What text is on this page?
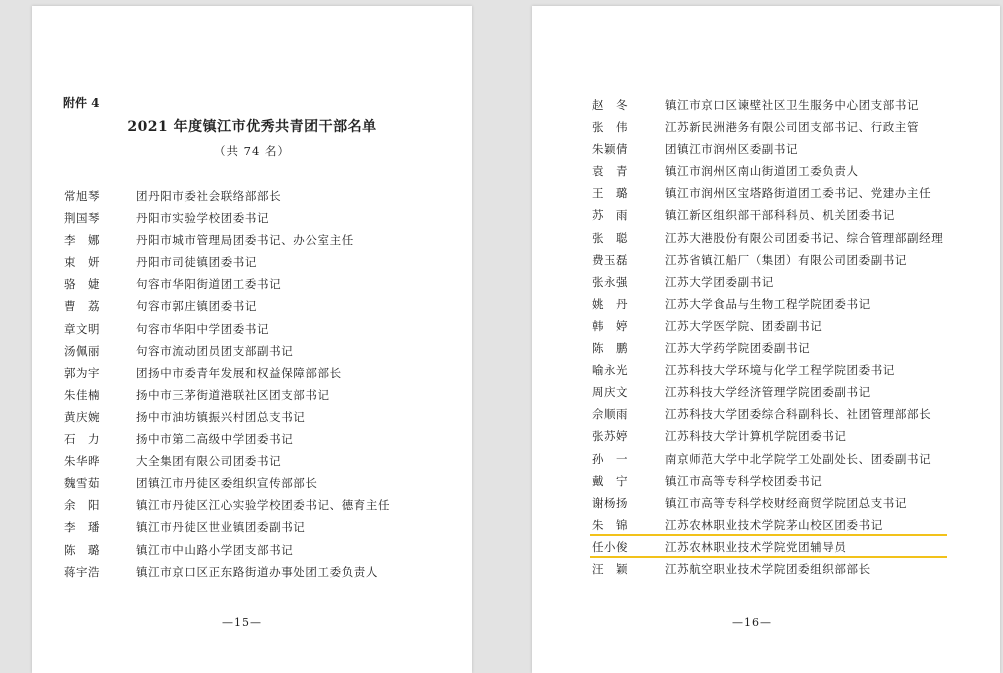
附件 4
2021 年度镇江市优秀共青团干部名单
（共 74 名）
常旭琴	团丹阳市委社会联络部部长
荆国琴	丹阳市实验学校团委书记
李　娜	丹阳市城市管理局团委书记、办公室主任
束　妍	丹阳市司徒镇团委书记
骆　婕	句容市华阳街道团工委书记
曹　荔	句容市郭庄镇团委书记
章文明	句容市华阳中学团委书记
汤佩丽	句容市流动团员团支部副书记
郭为宇	团扬中市委青年发展和权益保障部部长
朱佳楠	扬中市三茅街道港联社区团支部书记
黄庆婉	扬中市油坊镇振兴村团总支书记
石　力	扬中市第二高级中学团委书记
朱华晔	大全集团有限公司团委书记
魏雪茹	团镇江市丹徒区委组织宣传部部长
余　阳	镇江市丹徒区江心实验学校团委书记、德育主任
李　璠	镇江市丹徒区世业镇团委副书记
陈　璐	镇江市中山路小学团支部书记
蒋宇浩	镇江市京口区正东路街道办事处团工委负责人
—15—
赵　冬	镇江市京口区谏壁社区卫生服务中心团支部书记
张　伟	江苏新民洲港务有限公司团支部书记、行政主管
朱颖倩	团镇江市润州区委副书记
袁　青	镇江市润州区南山街道团工委负责人
王　璐	镇江市润州区宝塔路街道团工委书记、党建办主任
苏　雨	镇江新区组织部干部科科员、机关团委书记
张　聪	江苏大港股份有限公司团委书记、综合管理部副经理
费玉磊	江苏省镇江船厂（集团）有限公司团委副书记
张永强	江苏大学团委副书记
姚　丹	江苏大学食品与生物工程学院团委书记
韩　婷	江苏大学医学院、团委副书记
陈　鹏	江苏大学药学院团委副书记
喻永光	江苏科技大学环境与化学工程学院团委书记
周庆文	江苏科技大学经济管理学院团委副书记
佘顺雨	江苏科技大学团委综合科副科长、社团管理部部长
张苏婷	江苏科技大学计算机学院团委书记
孙　一	南京师范大学中北学院学工处副处长、团委副书记
戴　宁	镇江市高等专科学校团委书记
谢杨扬	镇江市高等专科学校财经商贸学院团总支书记
朱　锦	江苏农林职业技术学院茅山校区团委书记
任小俊	江苏农林职业技术学院党团辅导员
汪　颖	江苏航空职业技术学院团委组织部部长
—16—
